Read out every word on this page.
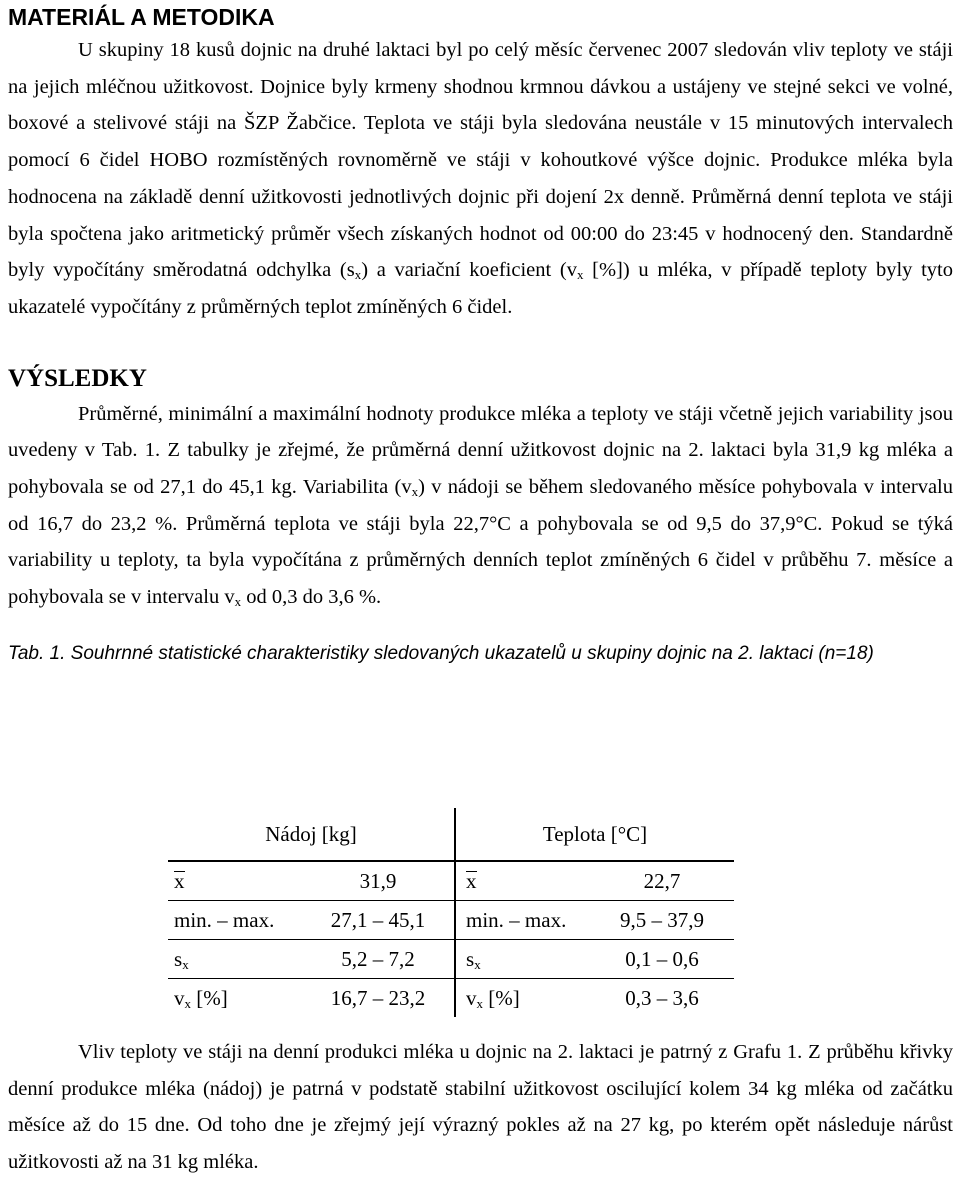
MATERIÁL A METODIKA

U skupiny 18 kusů dojnic na druhé laktaci byl po celý měsíc červenec 2007 sledován vliv teploty ve stáji na jejich mléčnou užitkovost. Dojnice byly krmeny shodnou krmnou dávkou a ustájeny ve stejné sekci ve volné, boxové a stelivové stáji na ŠZP Žabčice. Teplota ve stáji byla sledována neustále v 15 minutových intervalech pomocí 6 čidel HOBO rozmístěných rovnoměrně ve stáji v kohoutkové výšce dojnic. Produkce mléka byla hodnocena na základě denní užitkovosti jednotlivých dojnic při dojení 2x denně. Průměrná denní teplota ve stáji byla spočtena jako aritmetický průměr všech získaných hodnot od 00:00 do 23:45 v hodnocený den. Standardně byly vypočítány směrodatná odchylka $(s_x)$ a variační koeficient ($v_x$ [%]) u mléka, v případě teploty byly tyto ukazatelé vypočítány z průměrných teplot zmíněných 6 čidel.

VÝSLEDKY

Průměrné, minimální a maximální hodnoty produkce mléka a teploty ve stáji včetně jejich variability jsou uvedeny v Tab. 1. Z tabulky je zřejmé, že průměrná denní užitkovost dojnic na 2. laktaci byla 31,9 kg mléka a pohybovala se od 27,1 do 45,1 kg. Variabilita $(v_x)$ v nádoji se během sledovaného měsíce pohybovala v intervalu od 16,7 do 23,2 %. Průměrná teplota ve stáji byla 22,7°C a pohybovala se od 9,5 do 37,9°C. Pokud se týká variability u teploty, ta byla vypočítána z průměrných denních teplot zmíněných 6 čidel v průběhu 7. měsíce a pohybovala se v intervalu $v_x$ od 0,3 do 3,6 %.

Tab. 1. Souhrnné statistické charakteristiky sledovaných ukazatelů u skupiny dojnic na 2. laktaci (n=18)
Nádoj [kg]		Teplota [°C]	
x	31,9	x	22,7
min. – max.	27,1 – 45,1	min. – max.	9,5 – 37,9
$s_x$	5,2 – 7,2	$s_x$	0,1 – 0,6
$v_x$ [%]	16,7 – 23,2	$v_x$ [%]	0,3 – 3,6

Vliv teploty ve stáji na denní produkci mléka u dojnic na 2. laktaci je patrný z Grafu 1. Z průběhu křivky denní produkce mléka (nádoj) je patrná v podstatě stabilní užitkovost oscilující kolem 34 kg mléka od začátku měsíce až do 15 dne. Od toho dne je zřejmý její výrazný pokles až na 27 kg, po kterém opět následuje nárůst užitkovosti až na 31 kg mléka.
